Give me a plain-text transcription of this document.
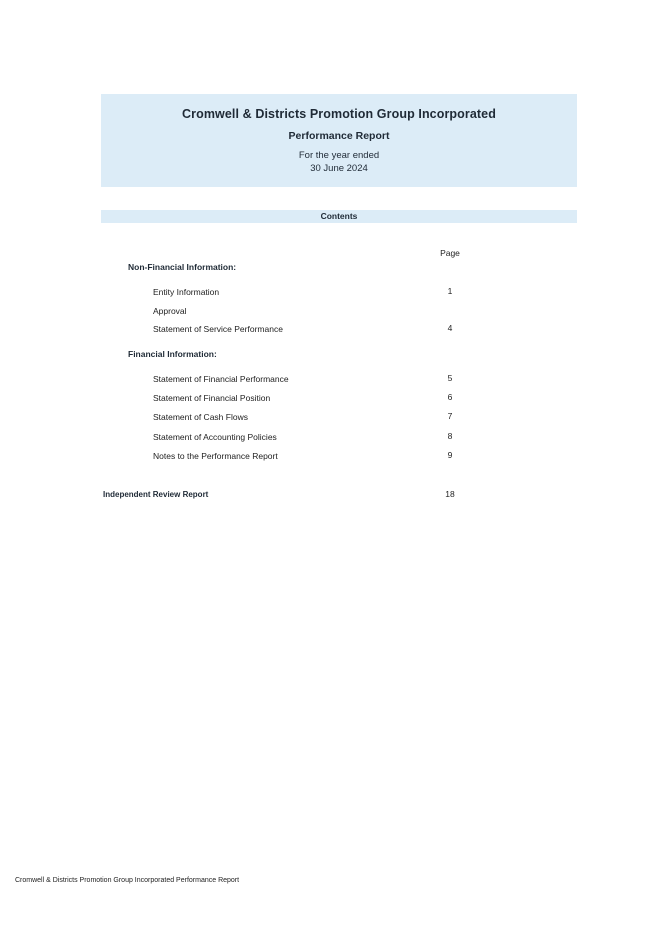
Cromwell & Districts Promotion Group Incorporated
Performance Report
For the year ended
30 June 2024
Contents
Page
Non-Financial Information:
Entity Information	1
Approval
Statement of Service Performance	4
Financial Information:
Statement of Financial Performance	5
Statement of Financial Position	6
Statement of Cash Flows	7
Statement of Accounting Policies	8
Notes to the Performance Report	9
Independent Review Report	18
Cromwell & Districts Promotion Group Incorporated Performance Report
